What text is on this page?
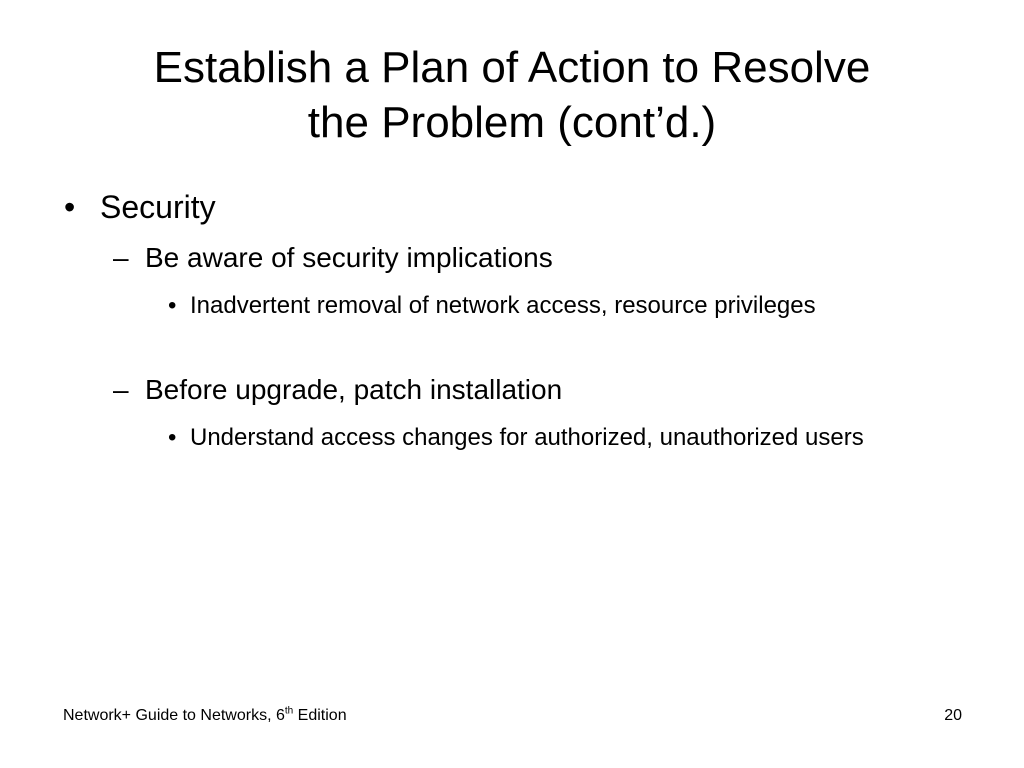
Establish a Plan of Action to Resolve
the Problem (cont’d.)
• Security
– Be aware of security implications
• Inadvertent removal of network access, resource privileges
– Before upgrade, patch installation
• Understand access changes for authorized, unauthorized users
Network+ Guide to Networks, 6th Edition	20
